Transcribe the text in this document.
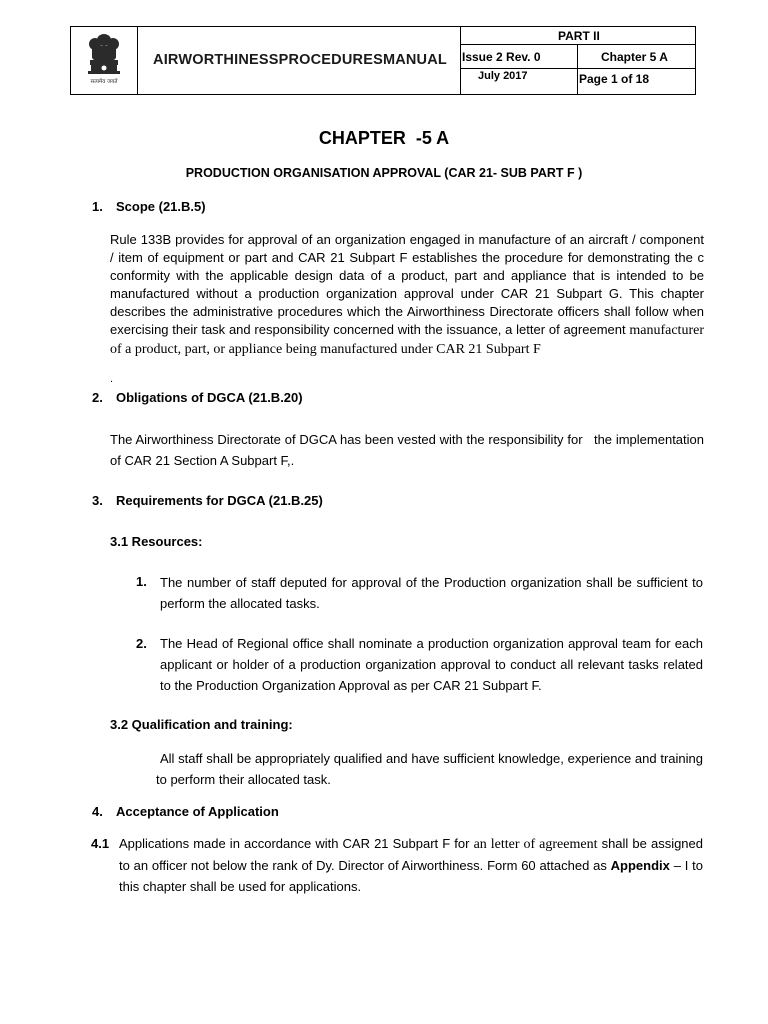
सत्यमेव जयते
AIRWORTHINESSPROCEDURESMANUAL
PART II
Issue 2 Rev. 0	Chapter 5 A
July 2017	Page 1 of 18
CHAPTER  -5 A
PRODUCTION ORGANISATION APPROVAL (CAR 21- SUB PART F )
1. Scope (21.B.5)
Rule 133B provides for approval of an organization engaged in manufacture of an aircraft / component / item of equipment or part and CAR 21 Subpart F establishes the procedure for demonstrating the c conformity with the applicable design data of a product, part and appliance that is intended to be manufactured without a production organization approval under CAR 21 Subpart G. This chapter describes the administrative procedures which the Airworthiness Directorate officers shall follow when exercising their task and responsibility concerned with the issuance, a letter of agreement manufacturer of a product, part, or appliance being manufactured under CAR 21 Subpart F
.
2. Obligations of DGCA (21.B.20)
The Airworthiness Directorate of DGCA has been vested with the responsibility for   the implementation of CAR 21 Section A Subpart F,.
3. Requirements for DGCA (21.B.25)
3.1 Resources:
1. The number of staff deputed for approval of the Production organization shall be sufficient to perform the allocated tasks.
2. The Head of Regional office shall nominate a production organization approval team for each applicant or holder of a production organization approval to conduct all relevant tasks related to the Production Organization Approval as per CAR 21 Subpart F.
3.2 Qualification and training:
All staff shall be appropriately qualified and have sufficient knowledge, experience and training to perform their allocated task.
4. Acceptance of Application
4.1 Applications made in accordance with CAR 21 Subpart F for an letter of agreement shall be assigned to an officer not below the rank of Dy. Director of Airworthiness. Form 60 attached as Appendix – I to this chapter shall be used for applications.
